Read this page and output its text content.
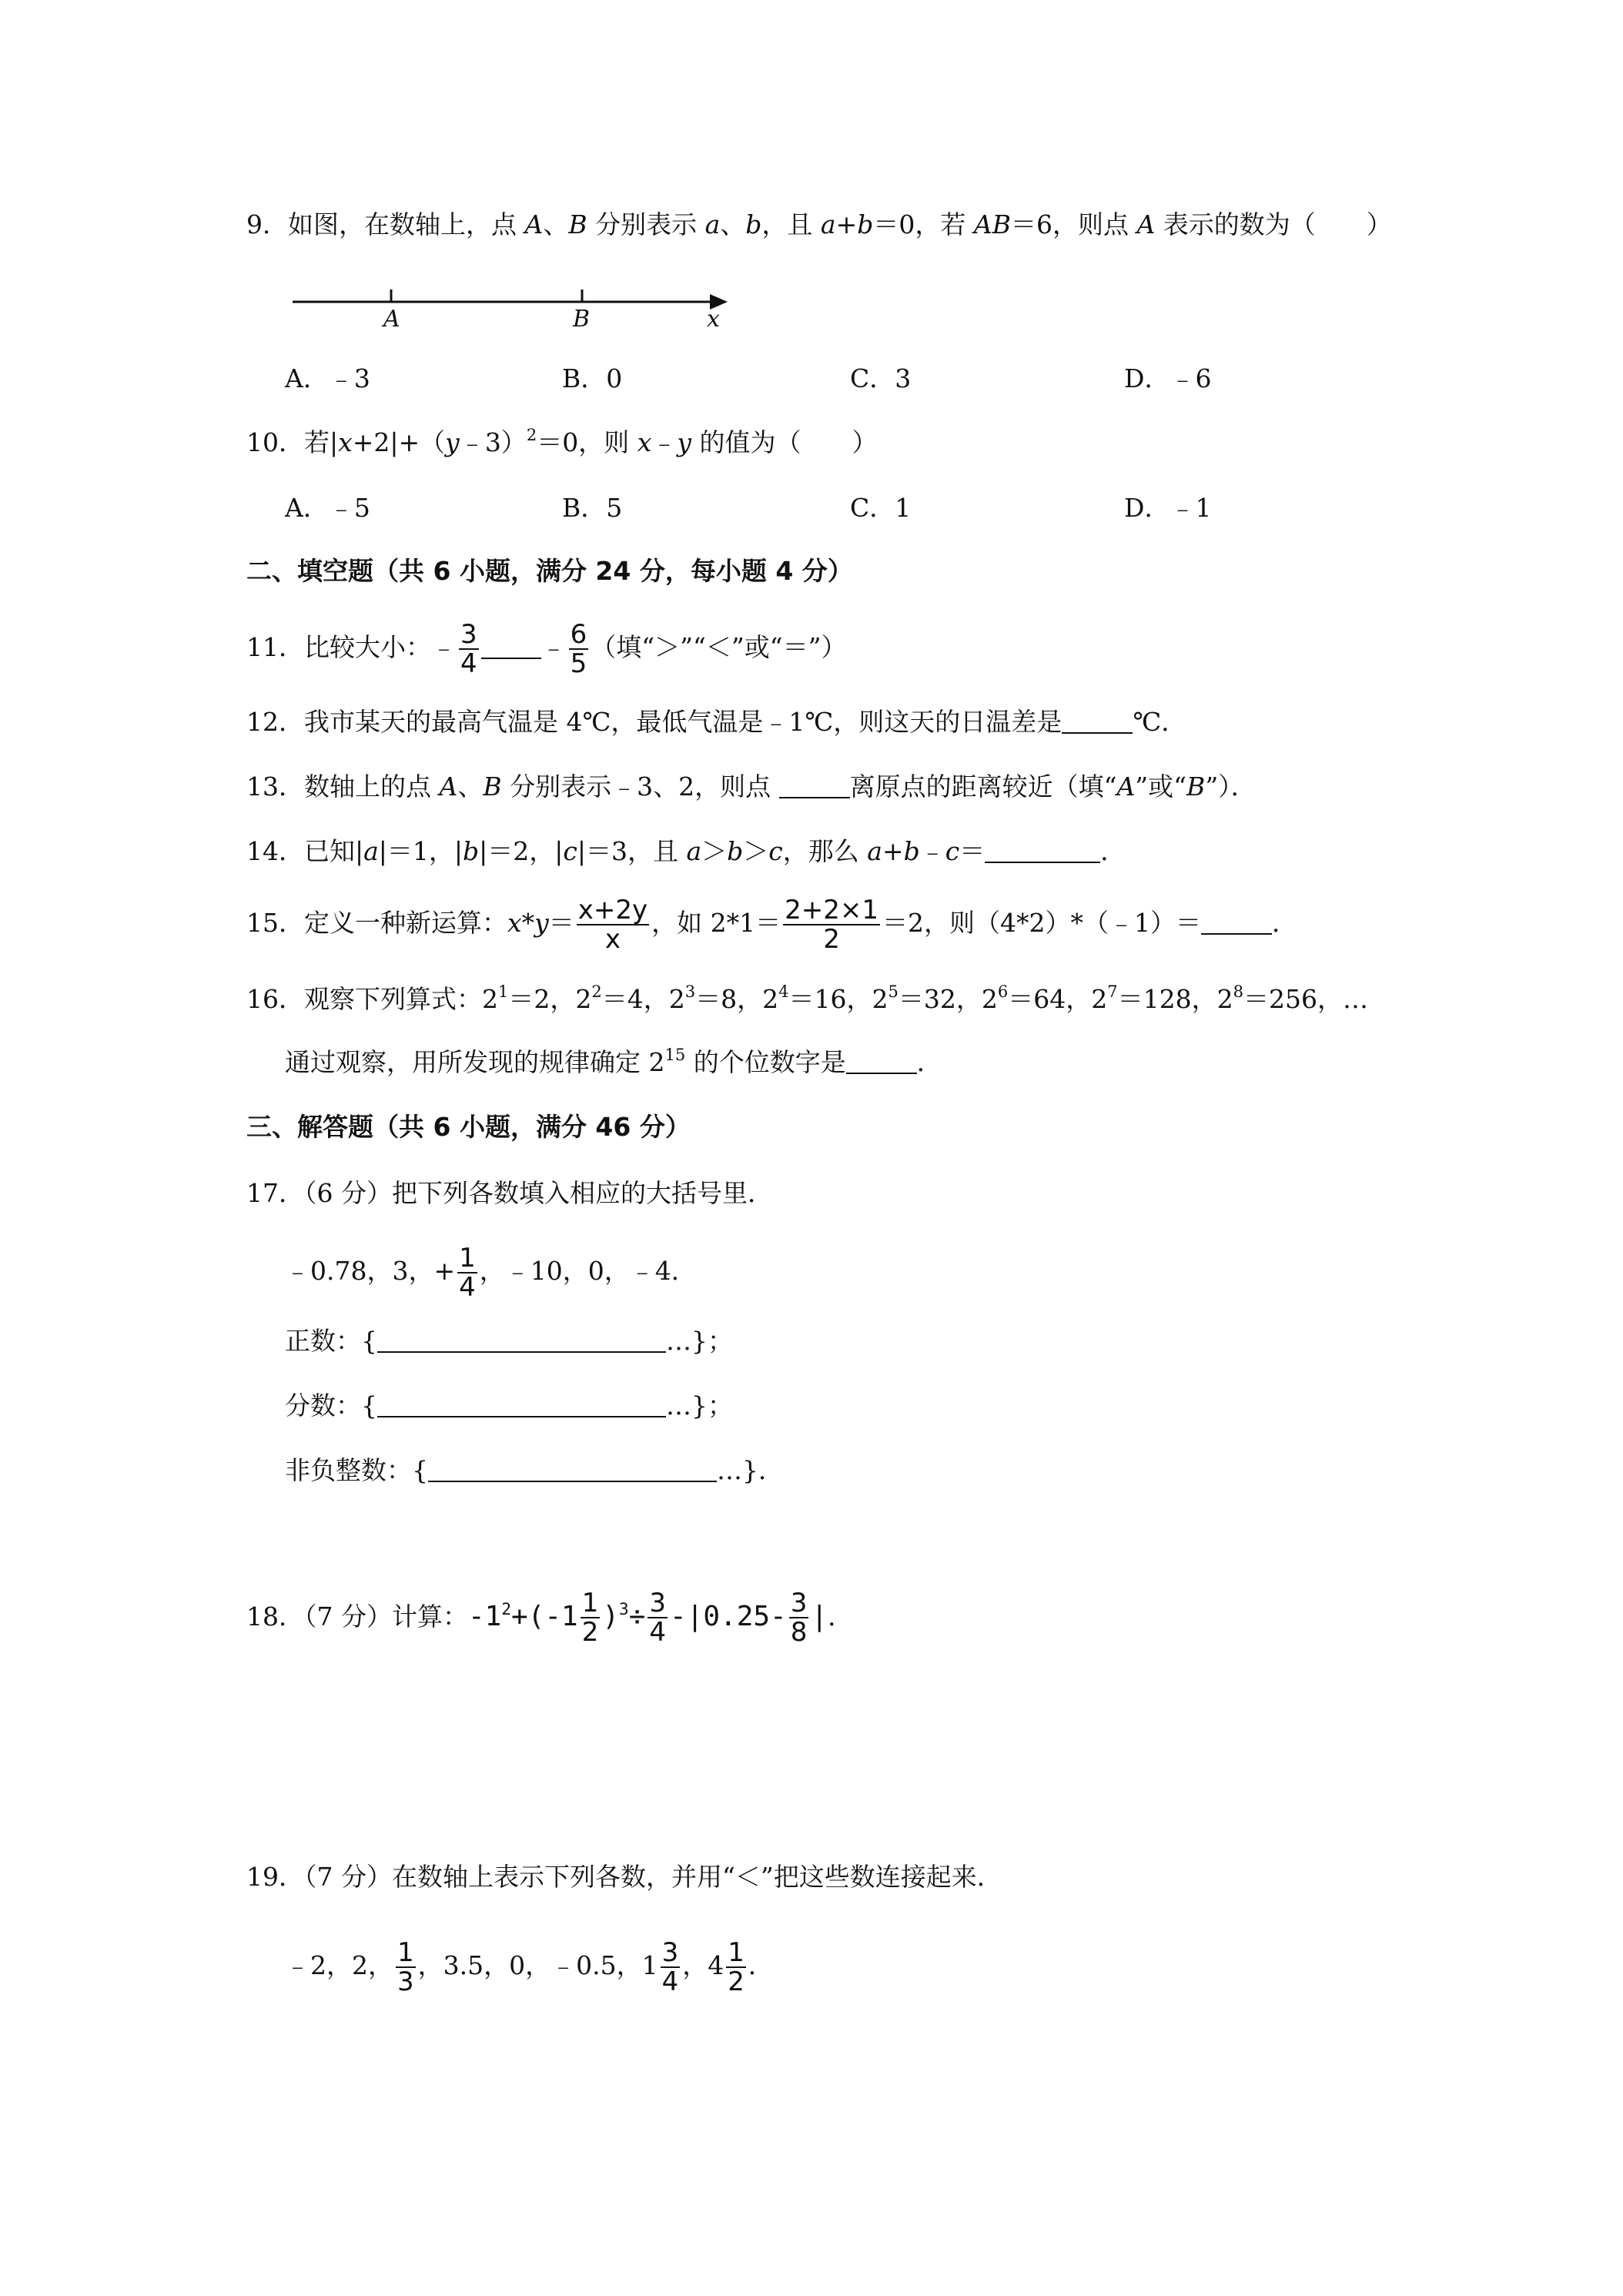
9．如图，在数轴上，点 A、B 分别表示 a、b，且 a+b＝0，若 AB＝6，则点 A 表示的数为（　　）
A	B	x
A．﹣3	B．0	C．3	D．﹣6
10．若|x+2|+（y﹣3）$^2$＝0，则 x﹣y 的值为（　　）
A．﹣5	B．5	C．1	D．﹣1
二、填空题（共 6 小题，满分 24 分，每小题 4 分）
11．比较大小：﹣ $\frac{3}{4}$ ﹣ $\frac{6}{5}$ （填“＞”“＜”或“＝”）
12．我市某天的最高气温是 4℃，最低气温是﹣1℃，则这天的日温差是	℃．
13．数轴上的点 A、B 分别表示﹣3、2，则点	离原点的距离较近（填“A”或“B”）．
14．已知|a|＝1，|b|＝2，|c|＝3，且 a＞b＞c，那么 a+b﹣c＝	．
15．定义一种新运算：$x*y= \frac{x+2y}{x}$ ，如 $2*1= \frac{2+2\times 1}{2} =2$，则（4*2）*（﹣1）＝	．
16．观察下列算式：$2^1=2$，$2^2=4$，$2^3=8$，$2^4=16$，$2^5=32$，$2^6=64$，$2^7=128$，$2^8=256$，…
通过观察，用所发现的规律确定 $2^{15}$ 的个位数字是	．
三、解答题（共 6 小题，满分 46 分）
17．（6 分）把下列各数填入相应的大括号里．
﹣0.78，3，+ $\frac{1}{4}$ ，﹣10，0，﹣4．
正数：{	…}；
分数：{	…}；
非负整数：{	…}．
18．（7 分）计算：$-1^2+(-1 \frac{1}{2} )^3\div \frac{3}{4} -|0.25- \frac{3}{8}$ |．
19．（7 分）在数轴上表示下列各数，并用“＜”把这些数连接起来．
﹣2，2， $\frac{1}{3}$ ，3.5，0，﹣0.5，$1 \frac{3}{4}$ ，$4 \frac{1}{2}$ ．
